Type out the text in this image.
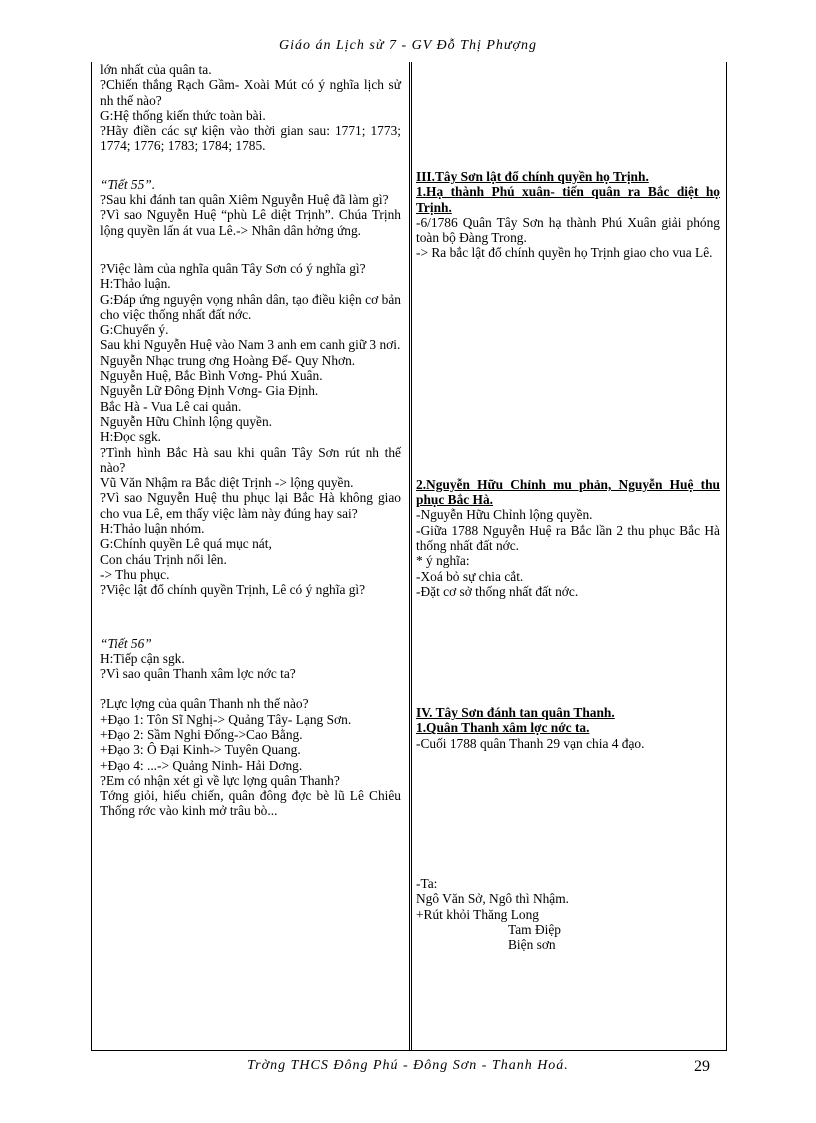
Giáo án Lịch sử 7 - GV Đỗ Thị Phượng

lớn nhất của quân ta.

?Chiến thắng Rạch Gầm- Xoài Mút có ý nghĩa lịch sử nh thế nào?

G:Hệ thống kiến thức toàn bài.

?Hãy điền các sự kiện vào thời gian sau: 1771; 1773; 1774; 1776; 1783; 1784; 1785.

“Tiết 55”.

?Sau khi đánh tan quân Xiêm Nguyễn Huệ đã làm gì?

?Vì sao Nguyễn Huệ “phù Lê diệt Trịnh”. Chúa Trịnh lộng quyền lấn át vua Lê.-> Nhân dân hởng ứng.

?Việc làm của nghĩa quân Tây Sơn có ý nghĩa gì?

H:Thảo luận.

G:Đáp ứng nguyện vọng nhân dân, tạo điều kiện cơ bản cho việc thống nhất đất nớc.

G:Chuyển ý.

Sau khi Nguyễn Huệ vào Nam 3 anh em canh giữ 3 nơi.

Nguyễn Nhạc trung ơng Hoàng Đế- Quy Nhơn.

Nguyễn Huệ, Bắc Bình Vơng- Phú Xuân.

Nguyễn Lữ Đông Định Vơng- Gia Định.

Bắc Hà - Vua Lê cai quản.

Nguyễn Hữu Chỉnh lộng quyền.

H:Đọc sgk.

?Tình hình Bắc Hà sau khi quân Tây Sơn rút nh thế nào?

Vũ Văn Nhậm ra Bắc diệt Trịnh -> lộng quyền.

?Vì sao Nguyễn Huệ thu phục lại Bắc Hà không giao cho vua Lê, em thấy việc làm này đúng hay sai?

H:Thảo luận nhóm.

G:Chính quyền Lê quá mục nát,

Con cháu Trịnh nổi lên.

-> Thu phục.

?Việc lật đổ chính quyền Trịnh, Lê có ý nghĩa gì?

“Tiết 56”

H:Tiếp cận sgk.

?Vì sao quân Thanh xâm lợc nớc ta?

?Lực lợng của quân Thanh nh thế nào?

+Đạo 1: Tôn Sĩ Nghị-> Quảng Tây- Lạng Sơn.

+Đạo 2: Sầm Nghi Đống->Cao Bằng.

+Đạo 3: Ô Đại Kinh-> Tuyên Quang.

+Đạo 4: ...-> Quảng Ninh- Hải Dơng.

?Em có nhận xét gì về lực lợng quân Thanh?

Tớng giỏi, hiếu chiến, quân đông đợc bè lũ Lê Chiêu Thống rớc vào kinh mở trâu bò...

III.Tây Sơn lật đổ chính quyền họ Trịnh.

1.Hạ thành Phú xuân- tiến quân ra Bắc diệt họ Trịnh.

-6/1786 Quân Tây Sơn hạ thành Phú Xuân giải phóng toàn bộ Đàng Trong.

-> Ra bắc lật đổ chính quyền họ Trịnh giao cho vua Lê.

2.Nguyễn Hữu Chỉnh mu phản, Nguyễn Huệ thu phục Bắc Hà.

-Nguyễn Hữu Chỉnh lộng quyền.

-Giữa 1788 Nguyễn Huệ ra Bắc lần 2 thu phục Bắc Hà thống nhất đất nớc.

* ý nghĩa:

-Xoá bỏ sự chia cắt.

-Đặt cơ sở thống nhất đất nớc.

IV. Tây Sơn đánh tan quân Thanh.

1.Quân Thanh xâm lợc nớc ta.

-Cuối 1788 quân Thanh 29 vạn chia 4 đạo.

-Ta:

Ngô Văn Sở, Ngô thì Nhậm.

+Rút khỏi Thăng Long

Tam Điệp

Biện sơn

Trờng THCS Đông Phú - Đông Sơn - Thanh Hoá.	29
